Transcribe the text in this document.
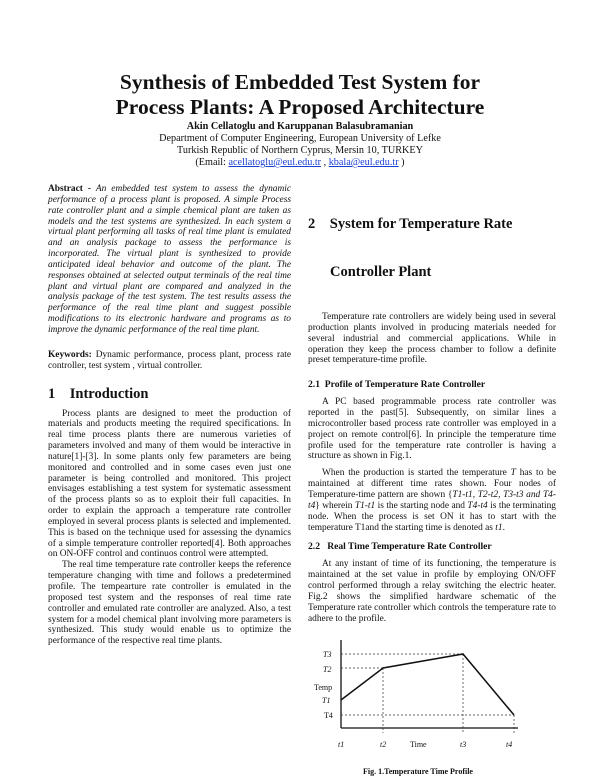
Synthesis of Embedded Test System for
Process Plants: A Proposed Architecture
Akin Cellatoglu and Karuppanan Balasubramanian
Department of Computer Engineering, European University of Lefke
Turkish Republic of Northern Cyprus, Mersin 10, TURKEY
(Email: acellatoglu@eul.edu.tr , kbala@eul.edu.tr )

Abstract - An embedded test system to assess the dynamic performance of a process plant is proposed. A simple Process rate controller plant and a simple chemical plant are taken as models and the test systems are synthesized. In each system a virtual plant performing all tasks of real time plant is emulated and an analysis package to assess the performance is incorporated. The virtual plant is synthesized to provide anticipated ideal behavior and outcome of the plant. The responses obtained at selected output terminals of the real time plant and virtual plant are compared and analyzed in the analysis package of the test system. The test results assess the performance of the real time plant and suggest possible modifications to its electronic hardware and programs as to improve the dynamic performance of the real time plant.

Keywords: Dynamic performance, process plant, process rate controller, test system , virtual controller.

1    Introduction

Process plants are designed to meet the production of materials and products meeting the required specifications. In real time process plants there are numerous varieties of parameters involved and many of them would be interactive in nature[1]-[3]. In some plants only few parameters are being monitored and controlled and in some cases even just one parameter is being controlled and monitored. This project envisages establishing a test system for systematic assessment of the process plants so as to exploit their full capacities. In order to explain the approach a temperature rate controller employed in several process plants is selected and implemented. This is based on the technique used for assessing the dynamics of a simple temperature controller reported[4]. Both approaches on ON-OFF control and continuos control were attempted.

The real time temperature rate controller keeps the reference temperature changing with time and follows a predetermined profile. The tempearture rate controller is emulated in the proposed test system and the responses of real time rate controller and emulated rate controller are analyzed. Also, a test system for a model chemical plant involving more parameters is synthesized. This study would enable us to optimize the performance of the respective real time plants.

2    System for Temperature Rate

Controller Plant

Temperature rate controllers are widely being used in several production plants involved in producing materials needed for several industrial and commercial applications. While in operation they keep the process chamber to follow a definite preset temperature-time profile.

2.1  Profile of Temperature Rate Controller

A PC based programmable process rate controller was reported in the past[5]. Subsequently, on similar lines a microcontroller based process rate controller was employed in a project on remote control[6]. In principle the temperature time profile used for the temperature rate controller is having a structure as shown in Fig.1.

When the production is started the temperature T has to be maintained at different time rates shown. Four nodes of Temperature-time pattern are shown {T1-t1, T2-t2, T3-t3 and T4-t4} wherein T1-t1 is the starting node and T4-t4 is the terminating node. When the process is set ON it has to start with the temperature T1and the starting time is denoted as t1.

2.2   Real Time Temperature Rate Controller

At any instant of time of its functioning, the temperature is maintained at the set value in profile by employing ON/OFF control performed through a relay switching the electric heater. Fig.2 shows the simplified hardware schematic of the Temperature rate controller which controls the temperature rate to adhere to the profile.

T3
T2
Temp
T1
T4
t1	t2	Time	t3	t4
Fig. 1.Temperature Time Profile
